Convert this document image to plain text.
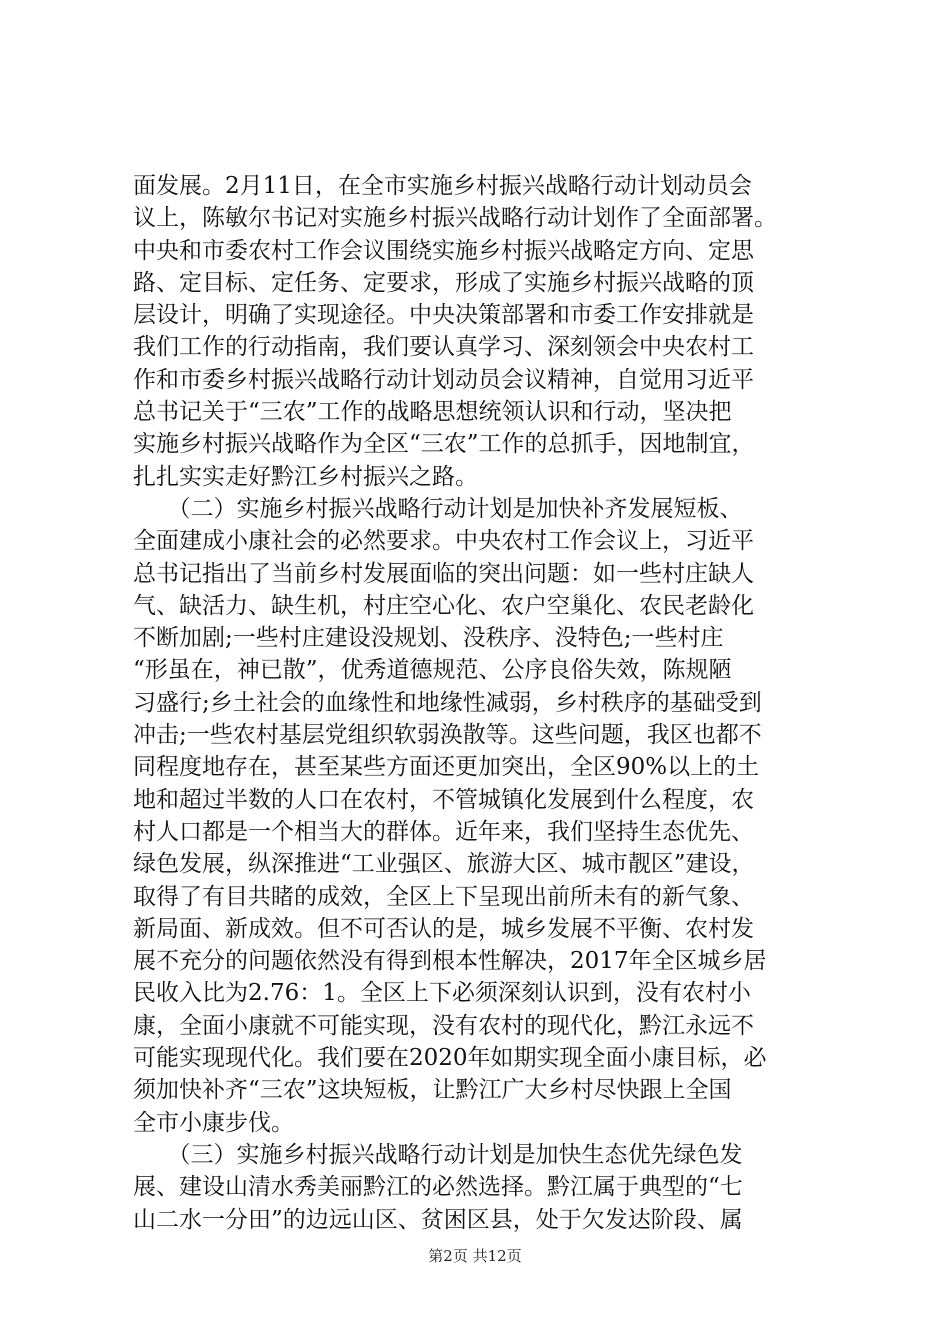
面发展。2月11日，在全市实施乡村振兴战略行动计划动员会
议上，陈敏尔书记对实施乡村振兴战略行动计划作了全面部署。
中央和市委农村工作会议围绕实施乡村振兴战略定方向、定思
路、定目标、定任务、定要求，形成了实施乡村振兴战略的顶
层设计，明确了实现途径。中央决策部署和市委工作安排就是
我们工作的行动指南，我们要认真学习、深刻领会中央农村工
作和市委乡村振兴战略行动计划动员会议精神，自觉用习近平
总书记关于“三农”工作的战略思想统领认识和行动，坚决把
实施乡村振兴战略作为全区“三农”工作的总抓手，因地制宜，
扎扎实实走好黔江乡村振兴之路。
　　（二）实施乡村振兴战略行动计划是加快补齐发展短板、
全面建成小康社会的必然要求。中央农村工作会议上，习近平
总书记指出了当前乡村发展面临的突出问题：如一些村庄缺人
气、缺活力、缺生机，村庄空心化、农户空巢化、农民老龄化
不断加剧;一些村庄建设没规划、没秩序、没特色;一些村庄
“形虽在，神已散”，优秀道德规范、公序良俗失效，陈规陋
习盛行;乡土社会的血缘性和地缘性减弱，乡村秩序的基础受到
冲击;一些农村基层党组织软弱涣散等。这些问题，我区也都不
同程度地存在，甚至某些方面还更加突出，全区90%以上的土
地和超过半数的人口在农村，不管城镇化发展到什么程度，农
村人口都是一个相当大的群体。近年来，我们坚持生态优先、
绿色发展，纵深推进“工业强区、旅游大区、城市靓区”建设，
取得了有目共睹的成效，全区上下呈现出前所未有的新气象、
新局面、新成效。但不可否认的是，城乡发展不平衡、农村发
展不充分的问题依然没有得到根本性解决，2017年全区城乡居
民收入比为2.76：1。全区上下必须深刻认识到，没有农村小
康，全面小康就不可能实现，没有农村的现代化，黔江永远不
可能实现现代化。我们要在2020年如期实现全面小康目标，必
须加快补齐“三农”这块短板，让黔江广大乡村尽快跟上全国
全市小康步伐。
　　（三）实施乡村振兴战略行动计划是加快生态优先绿色发
展、建设山清水秀美丽黔江的必然选择。黔江属于典型的“七
山二水一分田”的边远山区、贫困区县，处于欠发达阶段、属
第2页 共12页
